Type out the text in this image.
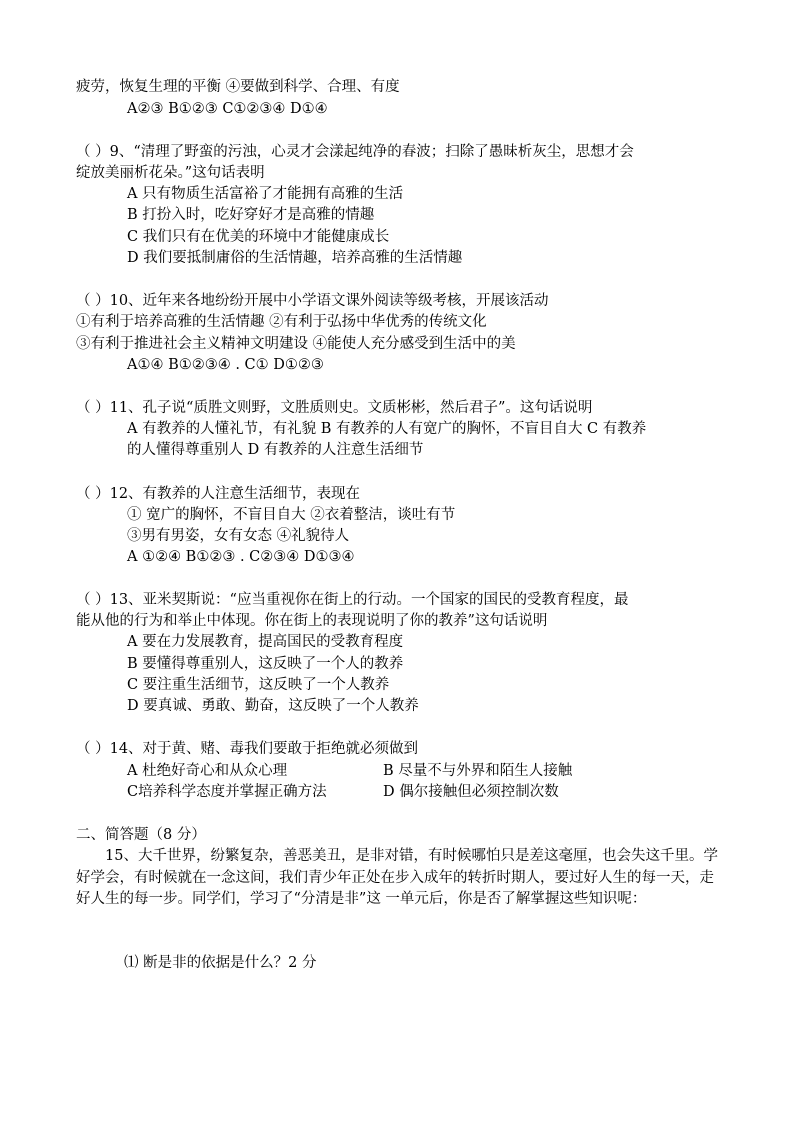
疲劳，恢复生理的平衡 ④要做到科学、合理、有度
A②③ B①②③ C①②③④ D①④
（ ）9、“清理了野蛮的污浊，心灵才会漾起纯净的春波；扫除了愚昧析灰尘，思想才会
绽放美丽析花朵。”这句话表明
A 只有物质生活富裕了才能拥有高雅的生活
B 打扮入时，吃好穿好才是高雅的情趣
C 我们只有在优美的环境中才能健康成长
D 我们要抵制庸俗的生活情趣，培养高雅的生活情趣
（ ）10、近年来各地纷纷开展中小学语文课外阅读等级考核，开展该活动
①有利于培养高雅的生活情趣 ②有利于弘扬中华优秀的传统文化
③有利于推进社会主义精神文明建设 ④能使人充分感受到生活中的美
A①④ B①②③④ . C① D①②③
（ ）11、孔子说“质胜文则野，文胜质则史。文质彬彬，然后君子”。这句话说明
A 有教养的人懂礼节，有礼貌 B 有教养的人有宽广的胸怀，不盲目自大 C 有教养
的人懂得尊重别人 D 有教养的人注意生活细节
（ ）12、有教养的人注意生活细节，表现在
① 宽广的胸怀，不盲目自大 ②衣着整洁，谈吐有节
③男有男姿，女有女态 ④礼貌待人
A ①②④ B①②③ . C②③④ D①③④
（ ）13、亚米契斯说：“应当重视你在街上的行动。一个国家的国民的受教育程度，最
能从他的行为和举止中体现。你在街上的表现说明了你的教养”这句话说明
A 要在力发展教育，提高国民的受教育程度
B 要懂得尊重别人，这反映了一个人的教养
C 要注重生活细节，这反映了一个人教养
D 要真诚、勇敢、勤奋，这反映了一个人教养
（ ）14、对于黄、赌、毒我们要敢于拒绝就必须做到
A 杜绝好奇心和从众心理	B 尽量不与外界和陌生人接触
C培养科学态度并掌握正确方法	D 偶尔接触但必须控制次数
二、简答题（8 分）
15、大千世界，纷繁复杂，善恶美丑，是非对错，有时候哪怕只是差这毫厘，也会失这千里。学好学会，有时候就在一念这间，我们青少年正处在步入成年的转折时期人，要过好人生的每一天，走好人生的每一步。同学们，学习了“分清是非”这 一单元后，你是否了解掌握这些知识呢：
⑴ 断是非的依据是什么？2 分
